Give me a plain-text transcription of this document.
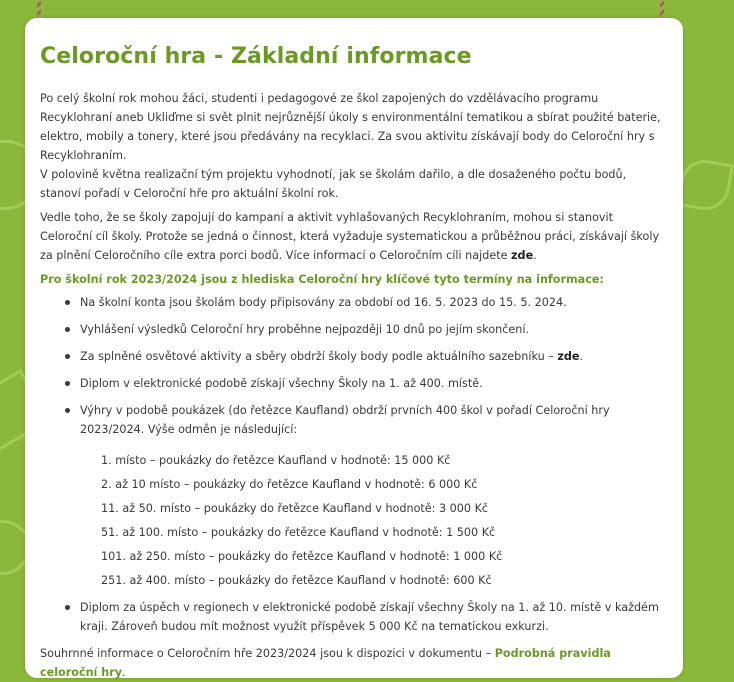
Celoroční hra - Základní informace

Po celý školní rok mohou žáci, studenti i pedagogové ze škol zapojených do vzdělávacího programu Recyklohraní aneb Ukliďme si svět plnit nejrůznější úkoly s environmentální tematikou a sbírat použité baterie, elektro, mobily a tonery, které jsou předávány na recyklaci. Za svou aktivitu získávají body do Celoroční hry s Recyklohraním.

V polovině května realizační tým projektu vyhodnotí, jak se školám dařilo, a dle dosaženého počtu bodů, stanoví pořadí v Celoroční hře pro aktuální školní rok.

Vedle toho, že se školy zapojují do kampaní a aktivit vyhlašovaných Recyklohraním, mohou si stanovit Celoroční cíl školy. Protože se jedná o činnost, která vyžaduje systematickou a průběžnou práci, získávají školy za plnění Celoročního cíle extra porci bodů. Více informací o Celoročním cíli najdete zde.

Pro školní rok 2023/2024 jsou z hlediska Celoroční hry klíčové tyto termíny na informace:

Na školní konta jsou školám body připisovány za období od 16. 5. 2023 do 15. 5. 2024.
Vyhlášení výsledků Celoroční hry proběhne nejpozději 10 dnů po jejím skončení.
Za splněné osvětové aktivity a sběry obdrží školy body podle aktuálního sazebníku – zde.
Diplom v elektronické podobě získají všechny Školy na 1. až 400. místě.
Výhry v podobě poukázek (do řetězce Kaufland) obdrží prvních 400 škol v pořadí Celoroční hry 2023/2024. Výše odměn je následující:
1. místo – poukázky do řetězce Kaufland v hodnotě: 15 000 Kč
2. až 10 místo – poukázky do řetězce Kaufland v hodnotě: 6 000 Kč
11. až 50. místo – poukázky do řetězce Kaufland v hodnotě: 3 000 Kč
51. až 100. místo – poukázky do řetězce Kaufland v hodnotě: 1 500 Kč
101. až 250. místo – poukázky do řetězce Kaufland v hodnotě: 1 000 Kč
251. až 400. místo – poukázky do řetězce Kaufland v hodnotě: 600 Kč
Diplom za úspěch v regionech v elektronické podobě získají všechny Školy na 1. až 10. místě v každém kraji. Zároveň budou mít možnost využít příspěvek 5 000 Kč na tematickou exkurzi.

Souhrnné informace o Celoročním hře 2023/2024 jsou k dispozici v dokumentu – Podrobná pravidla celoroční hry.
